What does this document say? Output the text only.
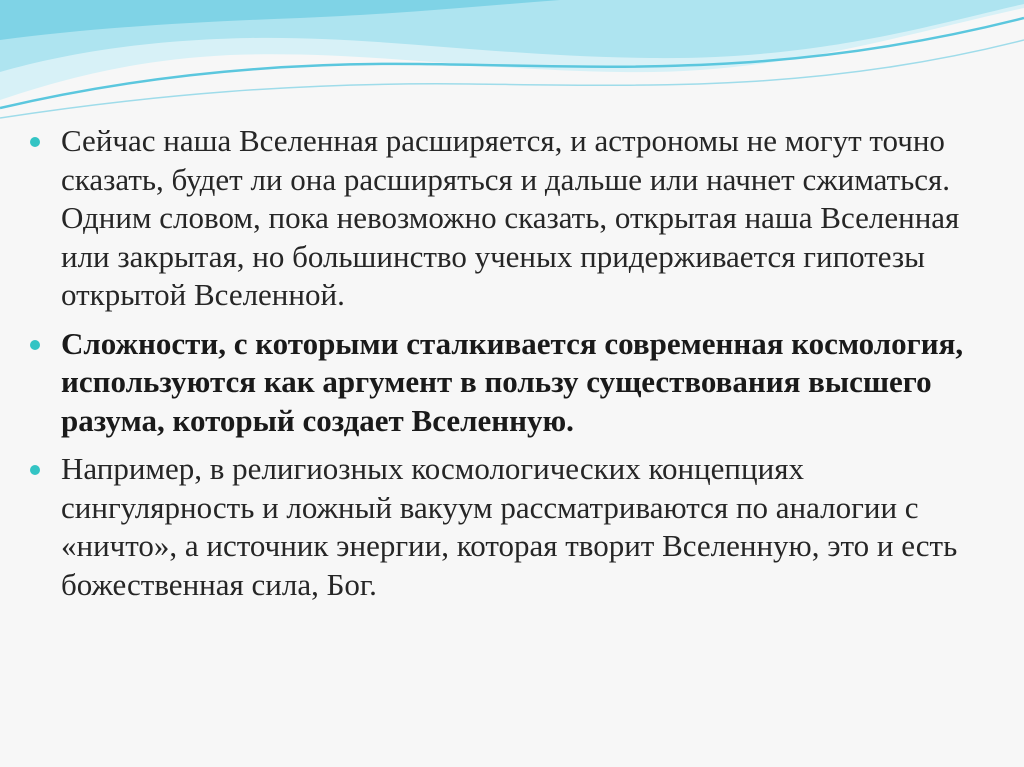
Сейчас наша Вселенная расширяется, и астрономы не могут точно сказать, будет ли она расширяться и дальше или начнет сжиматься. Одним словом, пока невозможно сказать, открытая наша Вселенная или закрытая, но большинство ученых придерживается гипотезы открытой Вселенной.
Сложности, с которыми сталкивается современная космология, используются как аргумент в пользу существования высшего разума, который создает Вселенную.
Например, в религиозных космологических концепциях сингулярность и ложный вакуум рассматриваются по аналогии с «ничто», а источник энергии, которая творит Вселенную, это и есть божественная сила, Бог.
